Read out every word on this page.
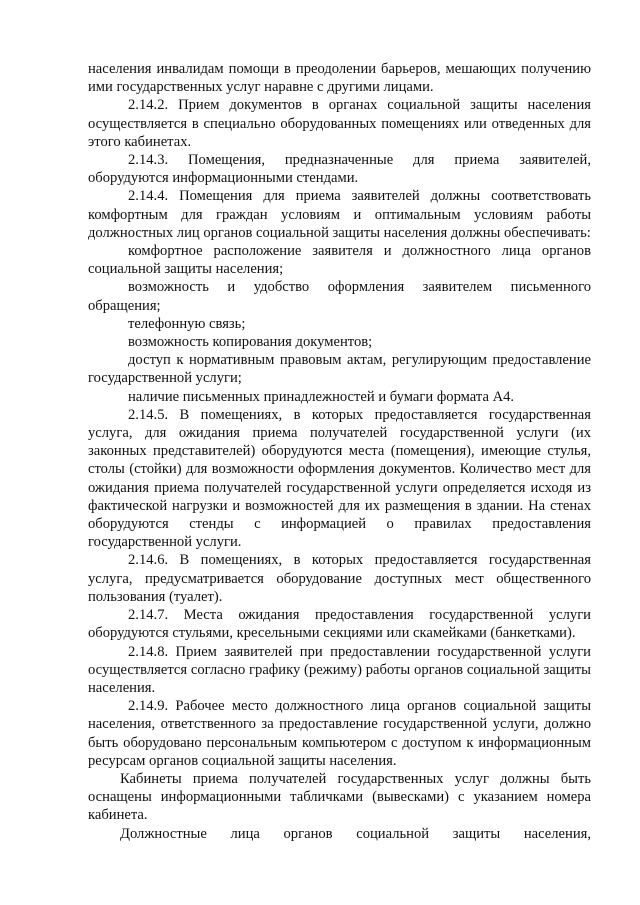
населения инвалидам помощи в преодолении барьеров, мешающих получению ими государственных услуг наравне с другими лицами.

2.14.2. Прием документов в органах социальной защиты населения осуществляется в специально оборудованных помещениях или отведенных для этого кабинетах.

2.14.3. Помещения, предназначенные для приема заявителей, оборудуются информационными стендами.

2.14.4. Помещения для приема заявителей должны соответствовать комфортным для граждан условиям и оптимальным условиям работы должностных лиц органов социальной защиты населения должны обеспечивать:

комфортное расположение заявителя и должностного лица органов социальной защиты населения;

возможность и удобство оформления заявителем письменного обращения;

телефонную связь;

возможность копирования документов;

доступ к нормативным правовым актам, регулирующим предоставление государственной услуги;

наличие письменных принадлежностей и бумаги формата А4.

2.14.5. В помещениях, в которых предоставляется государственная услуга, для ожидания приема получателей государственной услуги (их законных представителей) оборудуются места (помещения), имеющие стулья, столы (стойки) для возможности оформления документов. Количество мест для ожидания приема получателей государственной услуги определяется исходя из фактической нагрузки и возможностей для их размещения в здании. На стенах оборудуются стенды с информацией о правилах предоставления государственной услуги.

2.14.6. В помещениях, в которых предоставляется государственная услуга, предусматривается оборудование доступных мест общественного пользования (туалет).

2.14.7. Места ожидания предоставления государственной услуги оборудуются стульями, кресельными секциями или скамейками (банкетками).

2.14.8. Прием заявителей при предоставлении государственной услуги осуществляется согласно графику (режиму) работы органов социальной защиты населения.

2.14.9. Рабочее место должностного лица органов социальной защиты населения, ответственного за предоставление государственной услуги, должно быть оборудовано персональным компьютером с доступом к информационным ресурсам органов социальной защиты населения.

Кабинеты приема получателей государственных услуг должны быть оснащены информационными табличками (вывесками) с указанием номера кабинета.

Должностные лица органов социальной защиты населения,
